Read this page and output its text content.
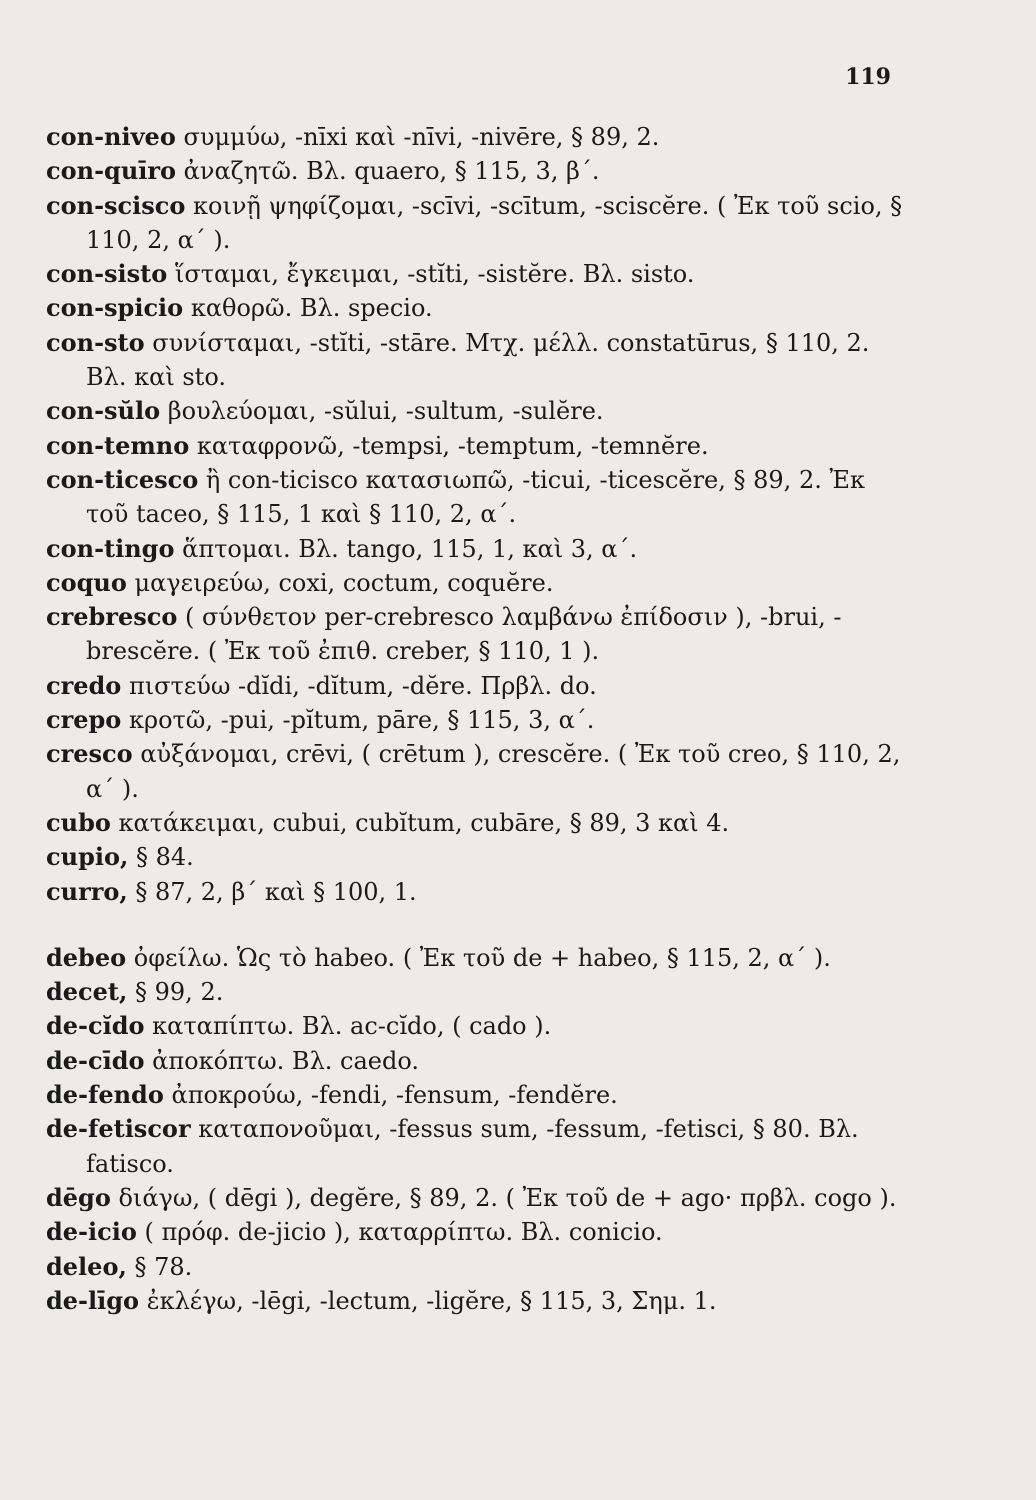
119
con-niveo συμμύω, -nīxi καὶ -nīvi, -nivēre, § 89, 2.
con-quīro ἀναζητῶ. Βλ. quaero, § 115, 3, β΄.
con-scisco κοινῇ ψηφίζομαι, -scīvi, -scītum, -sciscĕre. ( Ἐκ τοῦ scio, § 110, 2, α΄ ).
con-sisto ἵσταμαι, ἔγκειμαι, -stĭti, -sistĕre. Βλ. sisto.
con-spicio καθορῶ. Βλ. specio.
con-sto συνίσταμαι, -stĭti, -stāre. Μτχ. μέλλ. constatūrus, § 110, 2. Βλ. καὶ sto.
con-sŭlo βουλεύομαι, -sŭlui, -sultum, -sulĕre.
con-temno καταφρονῶ, -tempsi, -temptum, -temnĕre.
con-ticesco ἢ con-ticisco κατασιωπῶ, -ticui, -ticescĕre, § 89, 2. Ἐκ τοῦ taceo, § 115, 1 καὶ § 110, 2, α΄.
con-tingo ἅπτομαι. Βλ. tango, 115, 1, καὶ 3, α΄.
coquo μαγειρεύω, coxi, coctum, coquĕre.
crebresco ( σύνθετον per-crebresco λαμβάνω ἐπίδοσιν ), -brui, -brescĕre. ( Ἐκ τοῦ ἐπιθ. creber, § 110, 1 ).
credo πιστεύω -dĭdi, -dĭtum, -dĕre. Πρβλ. do.
crepo κροτῶ, -pui, -pĭtum, pāre, § 115, 3, α΄.
cresco αὐξάνομαι, crēvi, ( crētum ), crescĕre. ( Ἐκ τοῦ creo, § 110, 2, α΄ ).
cubo κατάκειμαι, cubui, cubĭtum, cubāre, § 89, 3 καὶ 4.
cupio, § 84.
curro, § 87, 2, β΄ καὶ § 100, 1.
debeo ὀφείλω. Ὡς τὸ habeo. ( Ἐκ τοῦ de + habeo, § 115, 2, α΄ ).
decet, § 99, 2.
de-cĭdo καταπίπτω. Βλ. ac-cĭdo, ( cado ).
de-cīdo ἀποκόπτω. Βλ. caedo.
de-fendo ἀποκρούω, -fendi, -fensum, -fendĕre.
de-fetiscor καταπονοῦμαι, -fessus sum, -fessum, -fetisci, § 80. Βλ. fatisco.
dēgo διάγω, ( dēgi ), degĕre, § 89, 2. ( Ἐκ τοῦ de + ago· πρβλ. cogo ).
de-icio ( πρόφ. de-jicio ), καταρρίπτω. Βλ. conicio.
deleo, § 78.
de-līgo ἐκλέγω, -lēgi, -lectum, -ligĕre, § 115, 3, Σημ. 1.
